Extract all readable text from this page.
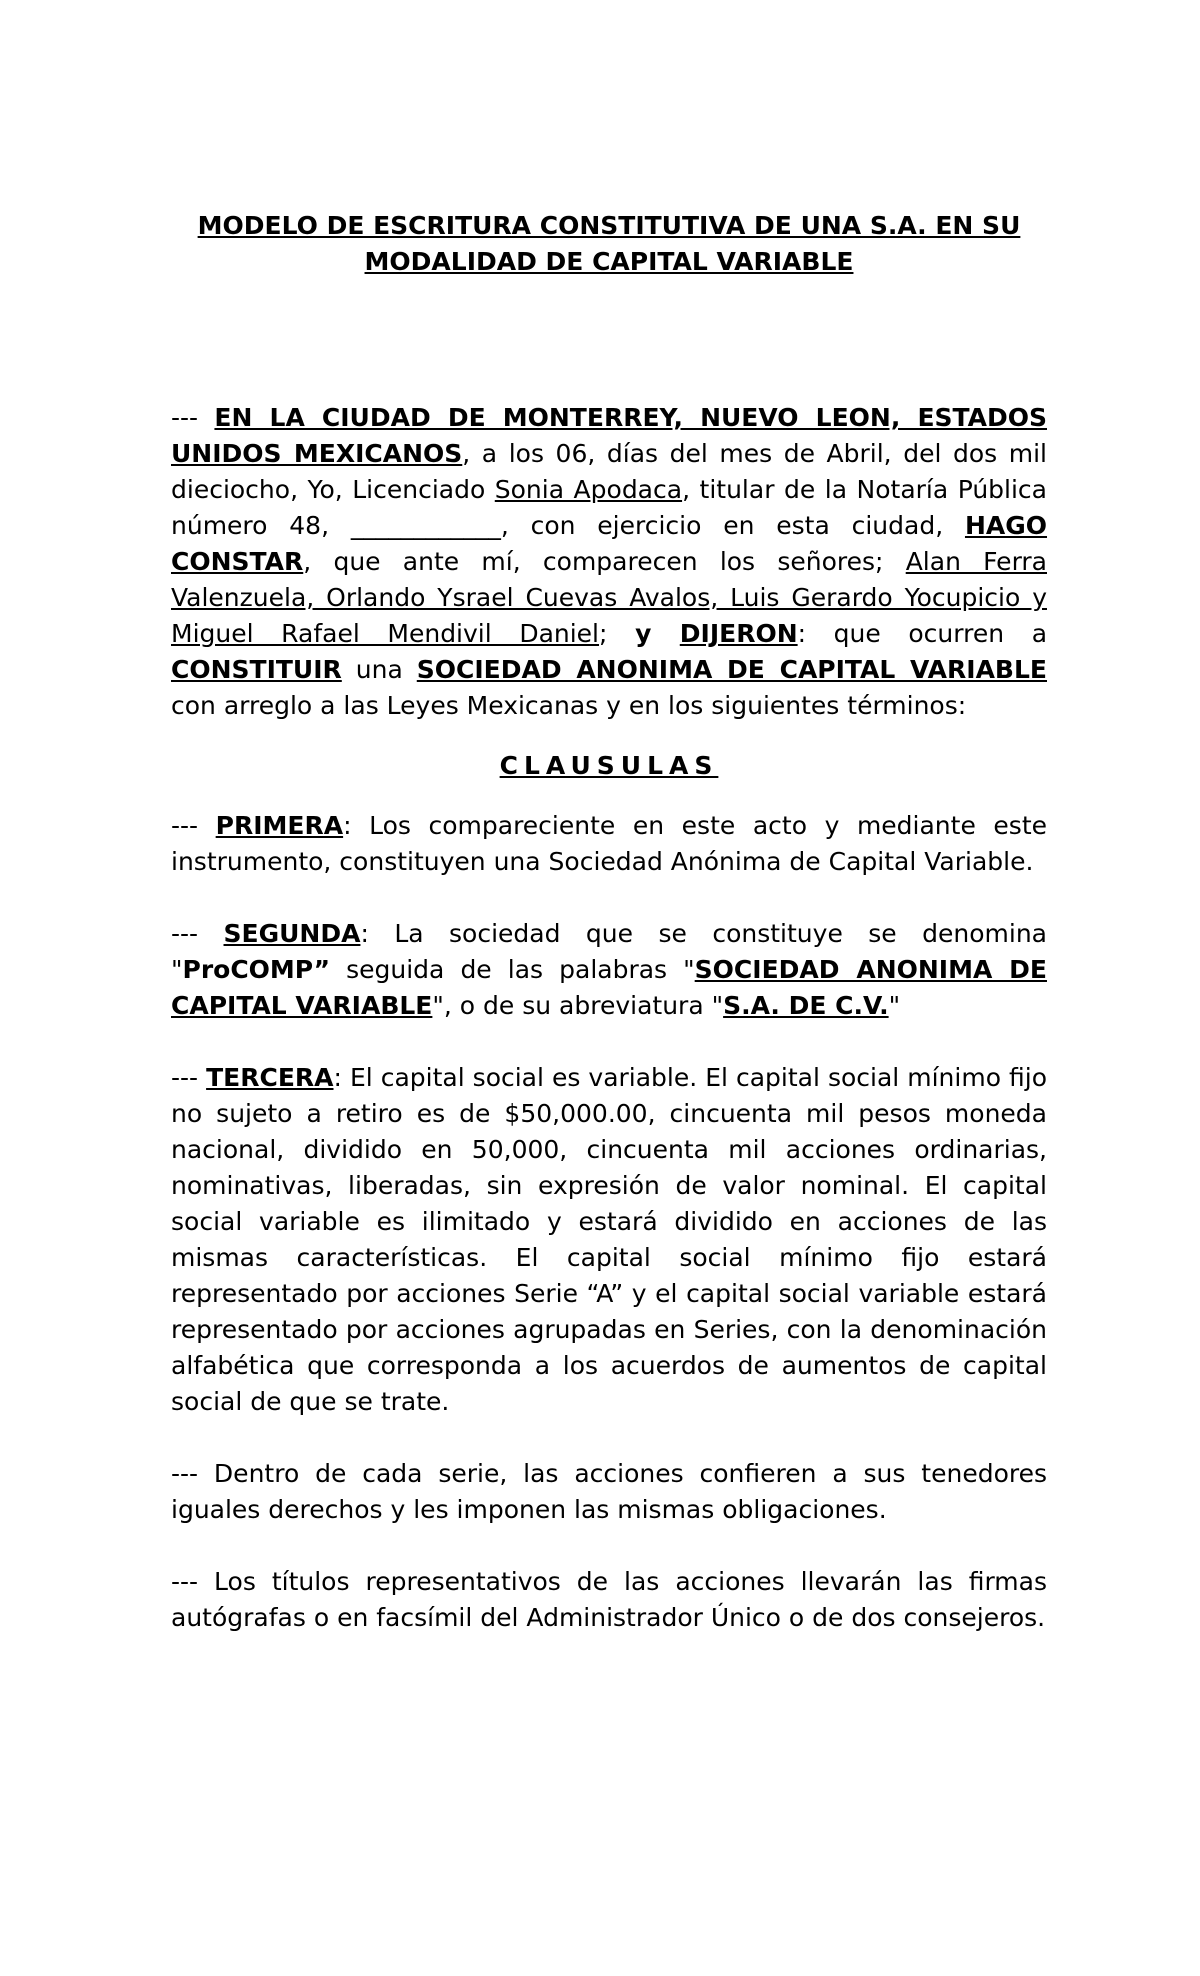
MODELO DE ESCRITURA CONSTITUTIVA DE UNA S.A. EN SU

MODALIDAD DE CAPITAL VARIABLE

--- EN LA CIUDAD DE MONTERREY, NUEVO LEON, ESTADOS UNIDOS MEXICANOS, a los 06, días del mes de Abril, del dos mil dieciocho, Yo, Licenciado Sonia Apodaca, titular de la Notaría Pública número 48, ____________, con ejercicio en esta ciudad, HAGO CONSTAR, que ante mí, comparecen los señores; Alan Ferra Valenzuela, Orlando Ysrael Cuevas Avalos, Luis Gerardo Yocupicio y Miguel Rafael Mendivil Daniel; y DIJERON: que ocurren a CONSTITUIR una SOCIEDAD ANONIMA DE CAPITAL VARIABLE con arreglo a las Leyes Mexicanas y en los siguientes términos:

CLAUSULAS

--- PRIMERA: Los compareciente en este acto y mediante este instrumento, constituyen una Sociedad Anónima de Capital Variable.

--- SEGUNDA: La sociedad que se constituye se denomina "ProCOMP” seguida de las palabras "SOCIEDAD ANONIMA DE CAPITAL VARIABLE", o de su abreviatura "S.A. DE C.V."

--- TERCERA: El capital social es variable. El capital social mínimo fijo no sujeto a retiro es de $50,000.00, cincuenta mil pesos moneda nacional, dividido en 50,000, cincuenta mil acciones ordinarias, nominativas, liberadas, sin expresión de valor nominal. El capital social variable es ilimitado y estará dividido en acciones de las mismas características. El capital social mínimo fijo estará representado por acciones Serie “A” y el capital social variable estará representado por acciones agrupadas en Series, con la denominación alfabética que corresponda a los acuerdos de aumentos de capital social de que se trate.

--- Dentro de cada serie, las acciones confieren a sus tenedores iguales derechos y les imponen las mismas obligaciones.

--- Los títulos representativos de las acciones llevarán las firmas autógrafas o en facsímil del Administrador Único o de dos consejeros.
